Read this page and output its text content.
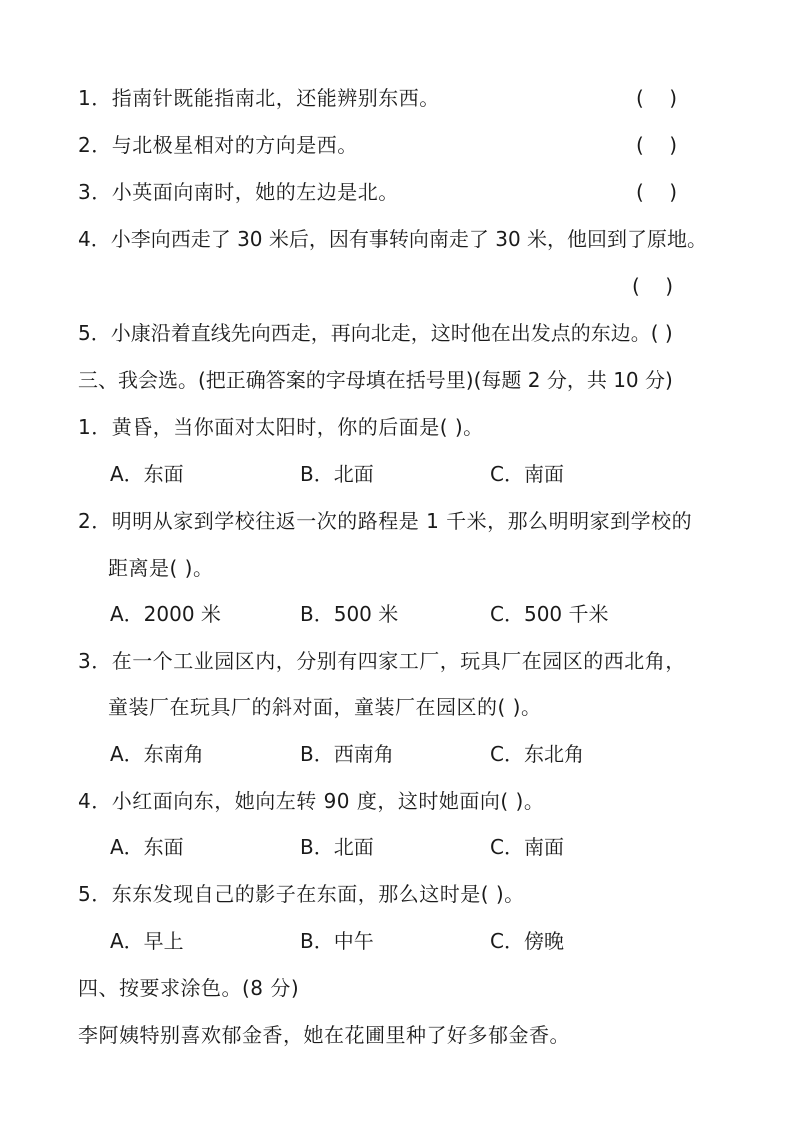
1．指南针既能指南北，还能辨别东西。	(    )
2．与北极星相对的方向是西。	(    )
3．小英面向南时，她的左边是北。	(    )
4．小李向西走了 30 米后，因有事转向南走了 30 米，他回到了原地。
(    )
5．小康沿着直线先向西走，再向北走，这时他在出发点的东边。( )
三、我会选。(把正确答案的字母填在括号里)(每题 2 分，共 10 分)
1．黄昏，当你面对太阳时，你的后面是( )。
A．东面	B．北面	C．南面
2．明明从家到学校往返一次的路程是 1 千米，那么明明家到学校的
距离是( )。
A．2000 米	B．500 米	C．500 千米
3．在一个工业园区内，分别有四家工厂，玩具厂在园区的西北角，
童装厂在玩具厂的斜对面，童装厂在园区的( )。
A．东南角	B．西南角	C．东北角
4．小红面向东，她向左转 90 度，这时她面向( )。
A．东面	B．北面	C．南面
5．东东发现自己的影子在东面，那么这时是( )。
A．早上	B．中午	C．傍晚
四、按要求涂色。(8 分)
李阿姨特别喜欢郁金香，她在花圃里种了好多郁金香。
